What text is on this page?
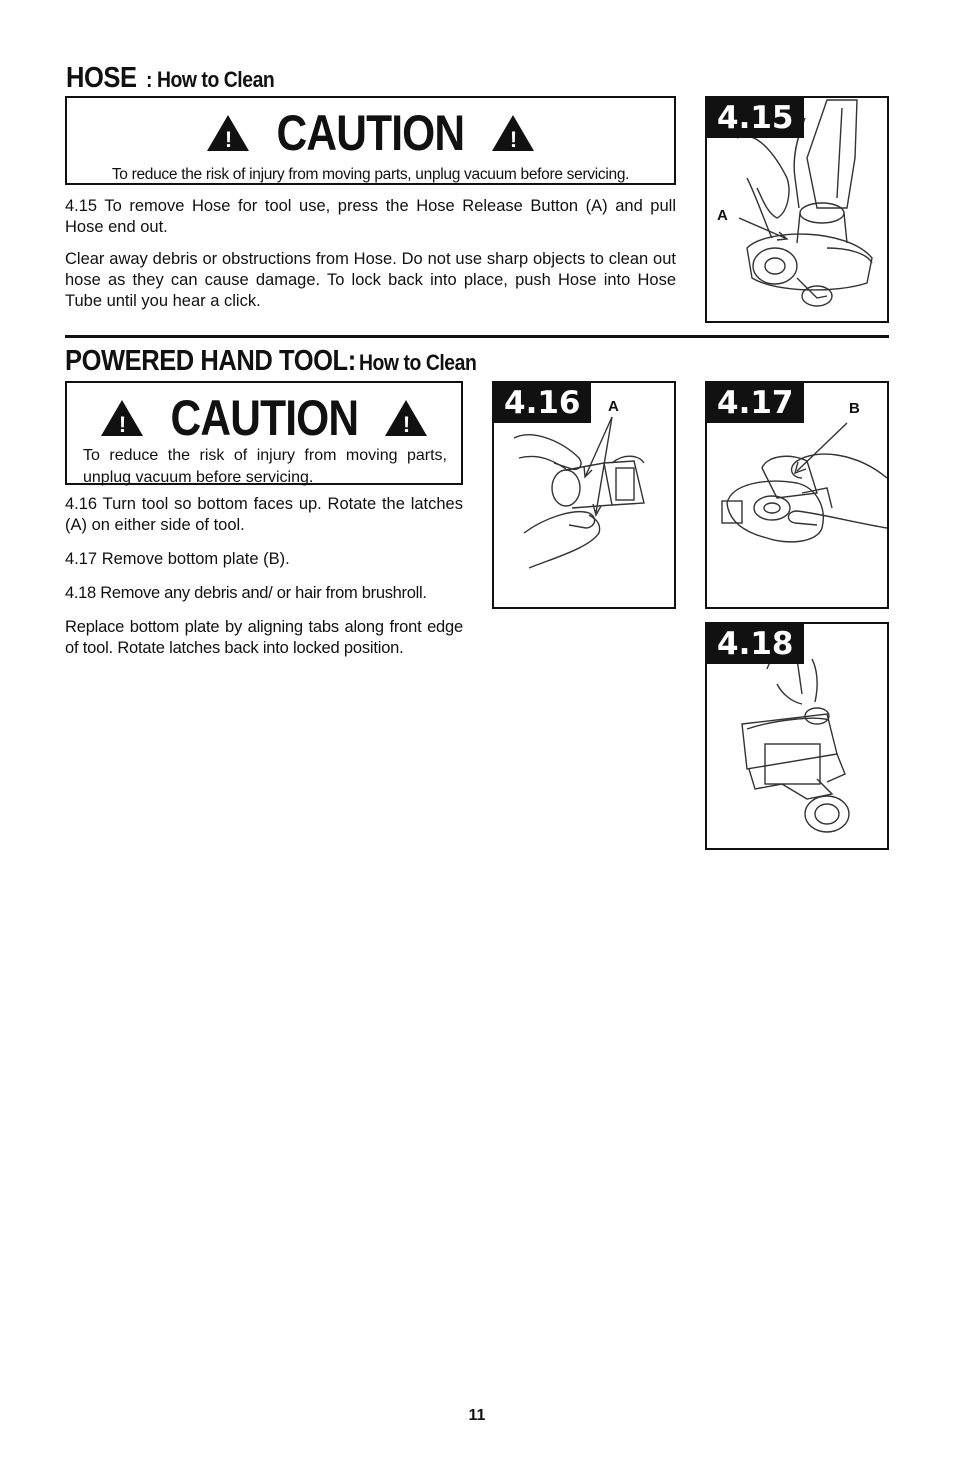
HOSE : How to Clean
! CAUTION !
To reduce the risk of injury from moving parts, unplug vacuum before servicing.
4.15 To remove Hose for tool use, press the Hose Release Button (A) and pull Hose end out.
Clear away debris or obstructions from Hose. Do not use sharp objects to clean out hose as they can cause damage. To lock back into place, push Hose into Hose Tube until you hear a click.
4.15
A
POWERED HAND TOOL:How to Clean
! CAUTION !
To reduce the risk of injury from moving parts, unplug vacuum before servicing.
4.16 Turn tool so bottom faces up. Rotate the latches (A) on either side of tool.
4.17 Remove bottom plate (B).
4.18 Remove any debris and/ or hair from brushroll.
Replace bottom plate by aligning tabs along front edge of tool. Rotate latches back into locked position.
4.16	A	4.17	B
4.18
11
